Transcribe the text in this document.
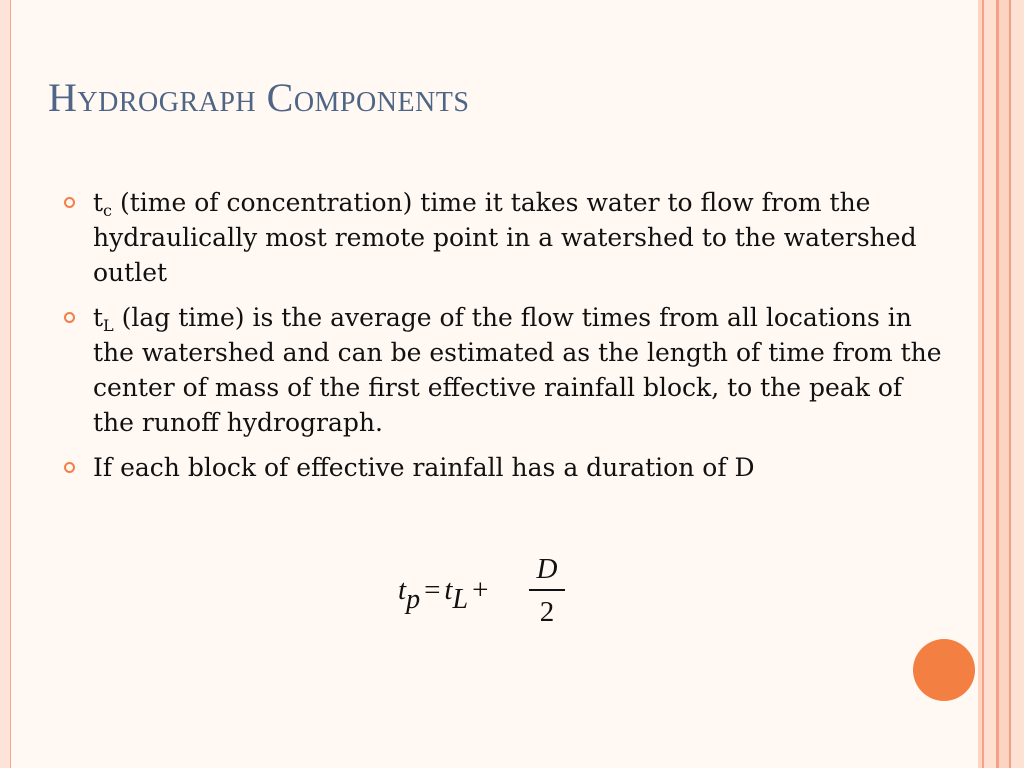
Hydrograph Components
$t_c$ (time of concentration) time it takes water to flow from the hydraulically most remote point in a watershed to the watershed outlet
$t_L$ (lag time) is the average of the flow times from all locations in the watershed and can be estimated as the length of time from the center of mass of the first effective rainfall block, to the peak of the runoff hydrograph.
If each block of effective rainfall has a duration of D
tp = tL +
D
2
